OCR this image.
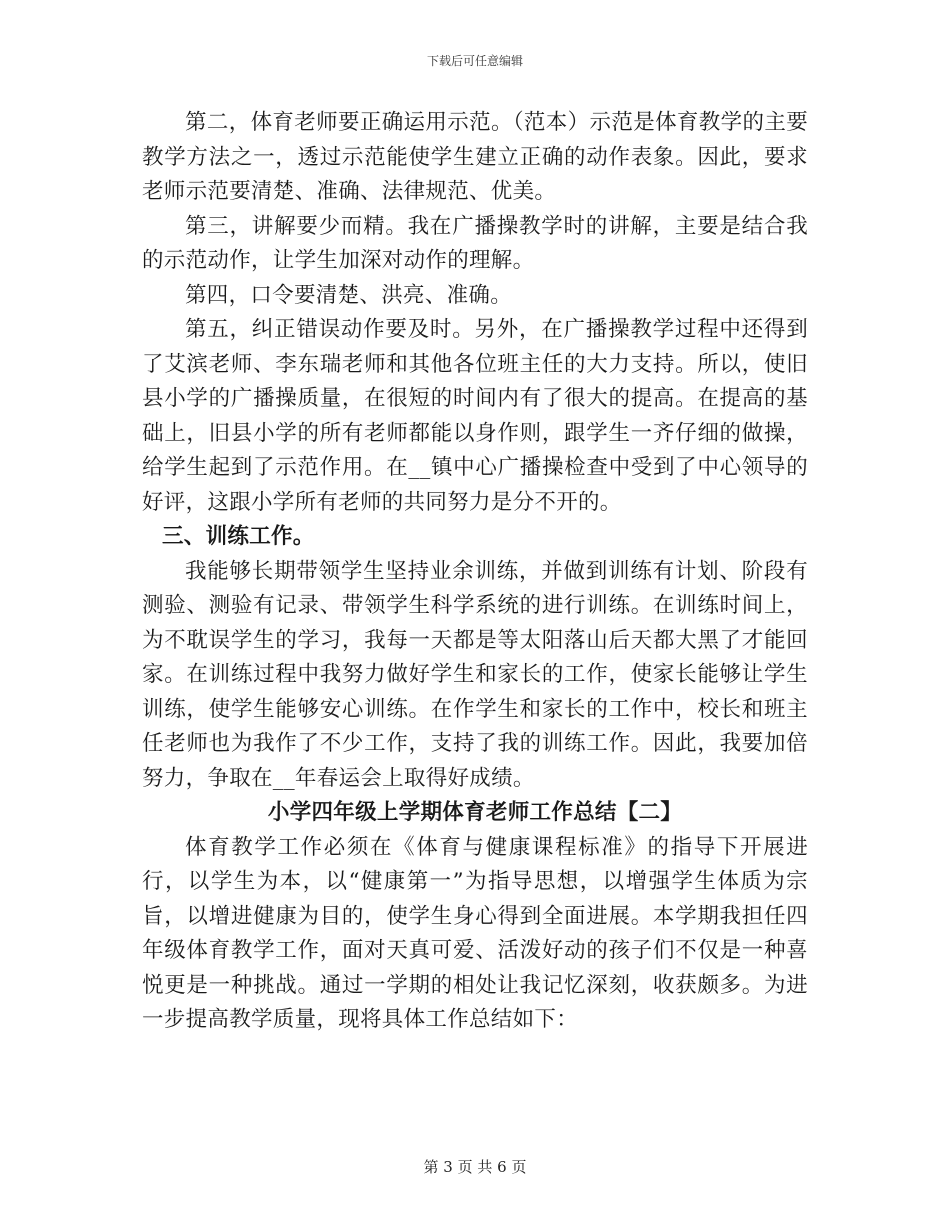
下载后可任意编辑

第二，体育老师要正确运用示范。（范本）示范是体育教学的主要教学方法之一，透过示范能使学生建立正确的动作表象。因此，要求老师示范要清楚、准确、法律规范、优美。

第三，讲解要少而精。我在广播操教学时的讲解，主要是结合我的示范动作，让学生加深对动作的理解。

第四，口令要清楚、洪亮、准确。

第五，纠正错误动作要及时。另外，在广播操教学过程中还得到了艾滨老师、李东瑞老师和其他各位班主任的大力支持。所以，使旧县小学的广播操质量，在很短的时间内有了很大的提高。在提高的基础上，旧县小学的所有老师都能以身作则，跟学生一齐仔细的做操，给学生起到了示范作用。在__镇中心广播操检查中受到了中心领导的好评，这跟小学所有老师的共同努力是分不开的。

三、训练工作。

我能够长期带领学生坚持业余训练，并做到训练有计划、阶段有测验、测验有记录、带领学生科学系统的进行训练。在训练时间上，为不耽误学生的学习，我每一天都是等太阳落山后天都大黑了才能回家。在训练过程中我努力做好学生和家长的工作，使家长能够让学生训练，使学生能够安心训练。在作学生和家长的工作中，校长和班主任老师也为我作了不少工作，支持了我的训练工作。因此，我要加倍努力，争取在__年春运会上取得好成绩。

小学四年级上学期体育老师工作总结【二】

体育教学工作必须在《体育与健康课程标准》的指导下开展进行，以学生为本，以“健康第一”为指导思想，以增强学生体质为宗旨，以增进健康为目的，使学生身心得到全面进展。本学期我担任四年级体育教学工作，面对天真可爱、活泼好动的孩子们不仅是一种喜悦更是一种挑战。通过一学期的相处让我记忆深刻，收获颇多。为进一步提高教学质量，现将具体工作总结如下：

第 3 页 共 6 页
